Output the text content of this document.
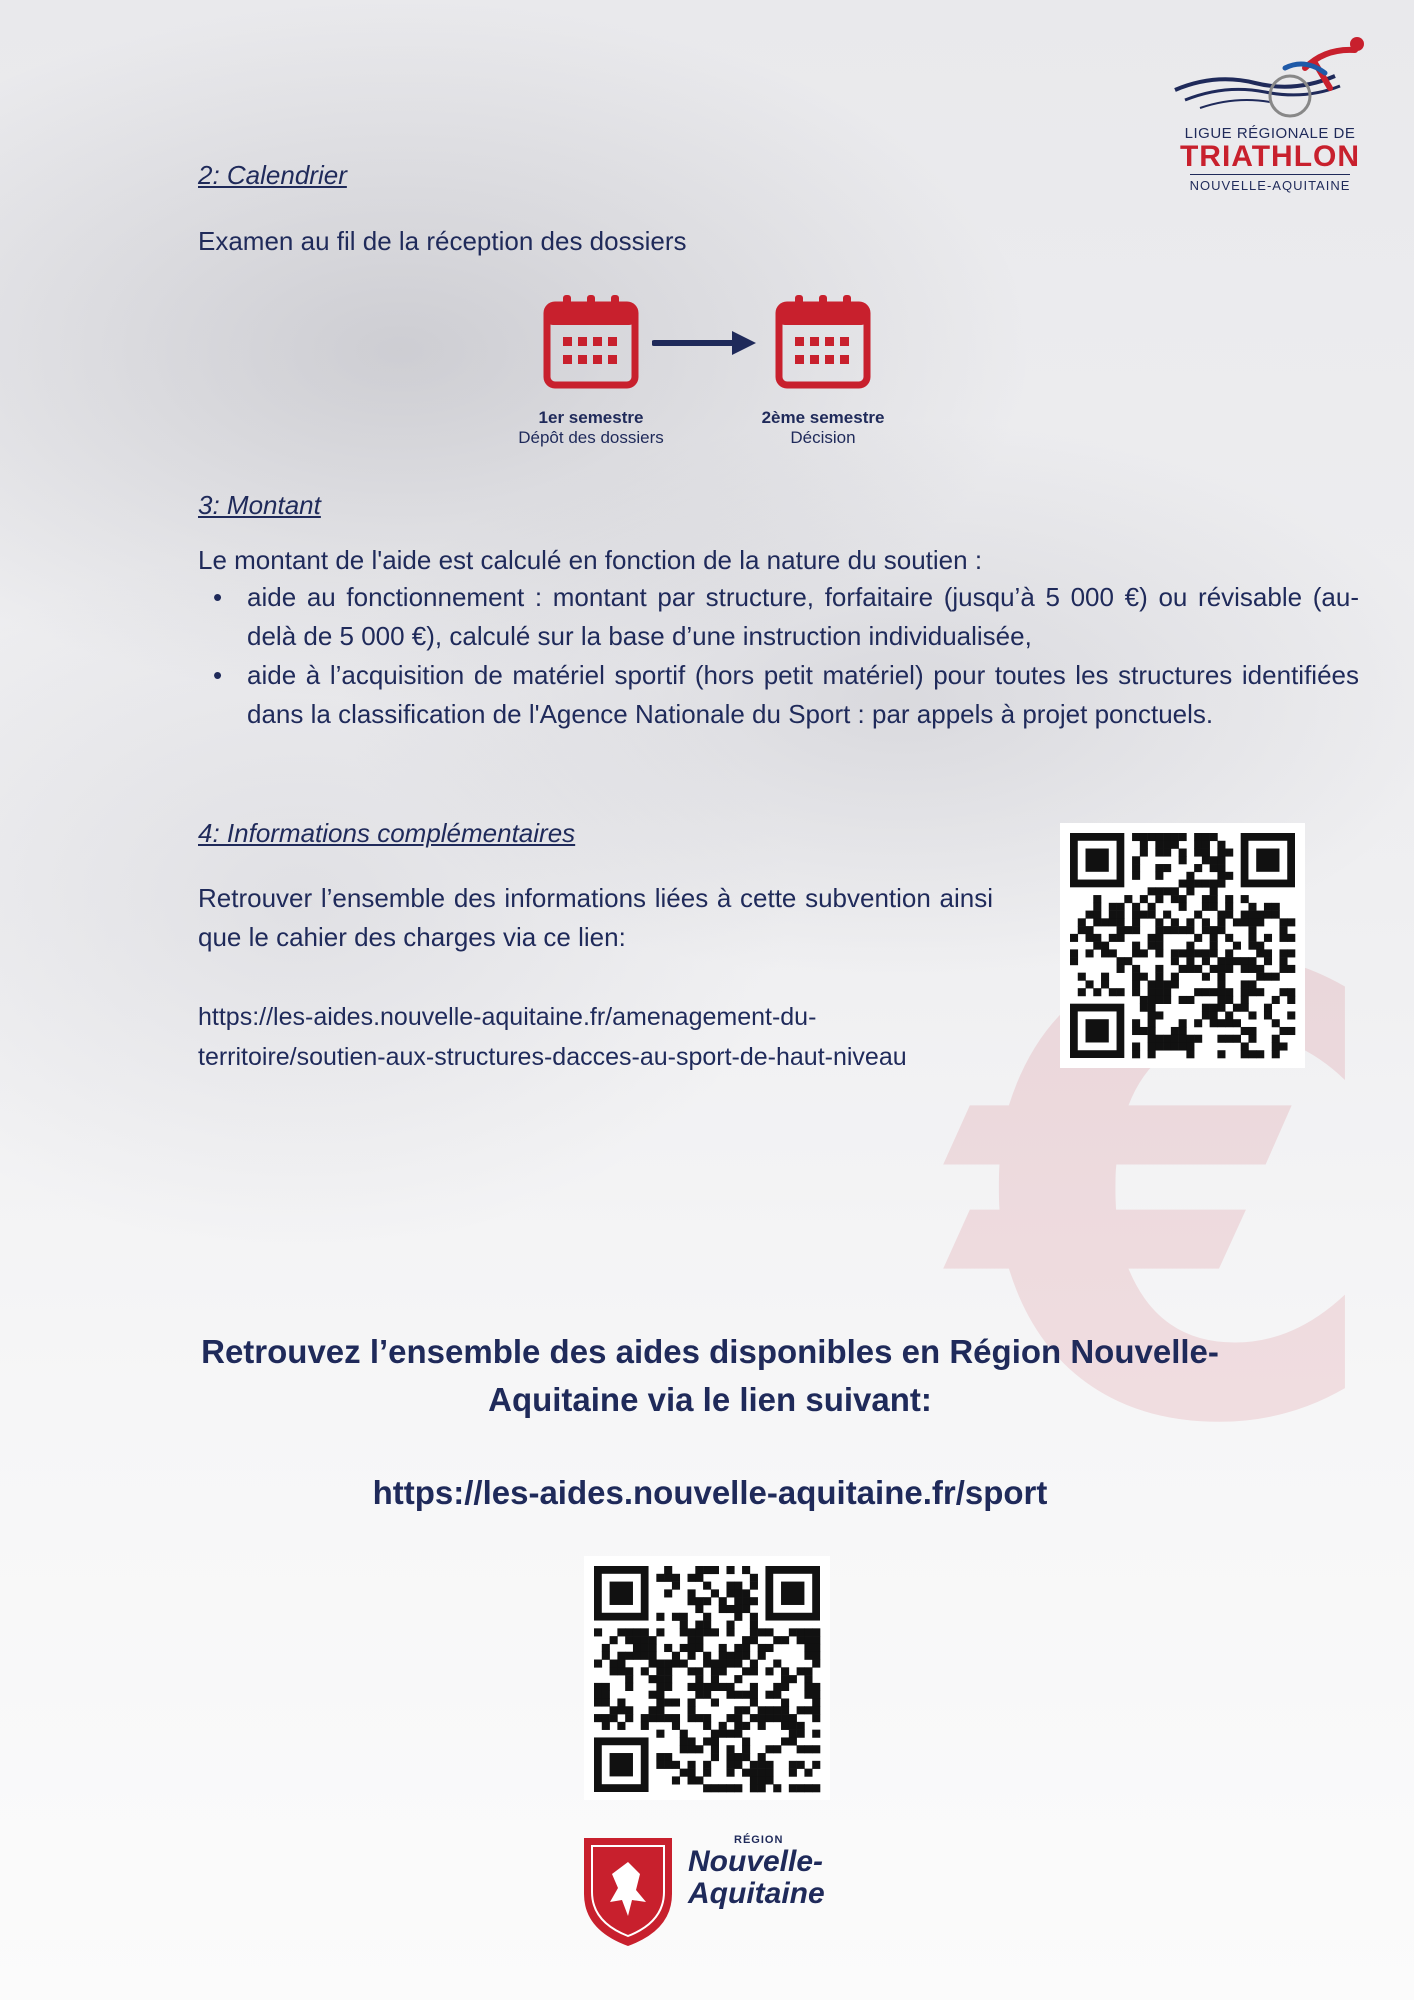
€
LIGUE RÉGIONALE DE
TRIATHLON
NOUVELLE-AQUITAINE
2: Calendrier
Examen au fil de la réception des dossiers
1er semestre
Dépôt des dossiers
2ème semestre
Décision
3: Montant
Le montant de l'aide est calculé en fonction de la nature du soutien :
• aide au fonctionnement : montant par structure, forfaitaire (jusqu’à 5 000 €) ou révisable (au-delà de 5 000 €), calculé sur la base d’une instruction individualisée,
• aide à l’acquisition de matériel sportif (hors petit matériel) pour toutes les structures identifiées dans la classification de l'Agence Nationale du Sport : par appels à projet ponctuels.
4: Informations complémentaires
Retrouver l’ensemble des informations liées à cette subvention ainsi que le cahier des charges via ce lien:
https://les-aides.nouvelle-aquitaine.fr/amenagement-du-
territoire/soutien-aux-structures-dacces-au-sport-de-haut-niveau
Retrouvez l’ensemble des aides disponibles en Région Nouvelle-
Aquitaine via le lien suivant:
https://les-aides.nouvelle-aquitaine.fr/sport
RÉGION
Nouvelle-
Aquitaine
